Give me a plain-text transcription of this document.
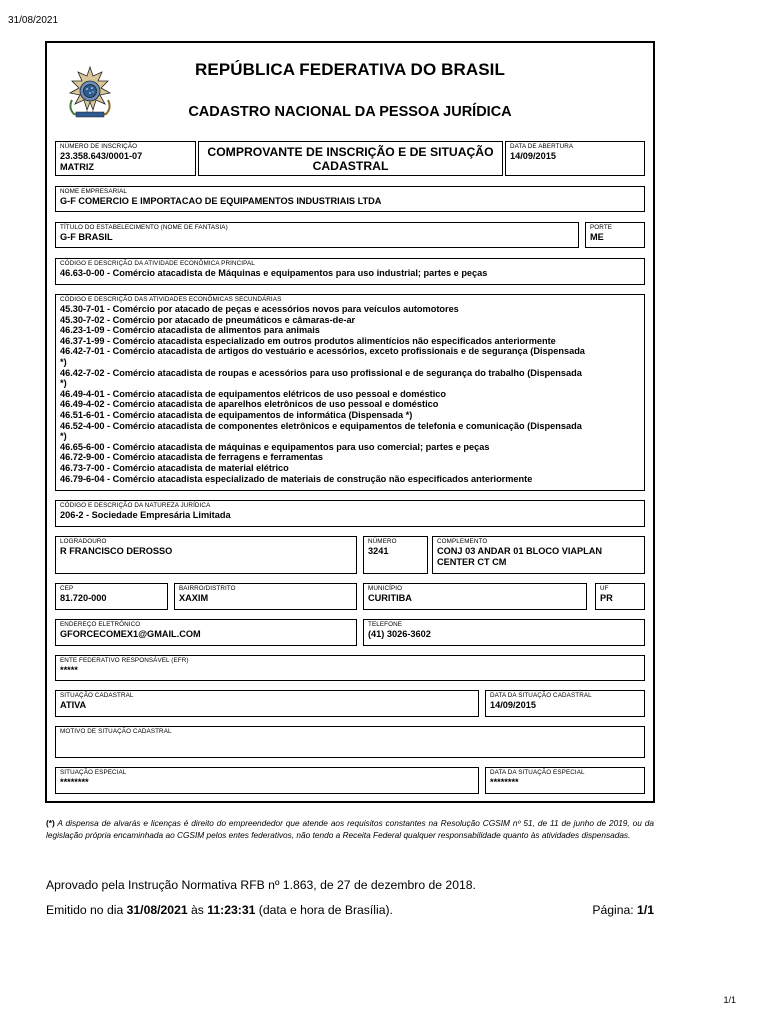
31/08/2021
REPÚBLICA FEDERATIVA DO BRASIL
CADASTRO NACIONAL DA PESSOA JURÍDICA
NÚMERO DE INSCRIÇÃO
23.358.643/0001-07
MATRIZ
COMPROVANTE DE INSCRIÇÃO E DE SITUAÇÃO CADASTRAL
DATA DE ABERTURA
14/09/2015
NOME EMPRESARIAL
G-F COMERCIO E IMPORTACAO DE EQUIPAMENTOS INDUSTRIAIS LTDA
TÍTULO DO ESTABELECIMENTO (NOME DE FANTASIA)
G-F BRASIL
PORTE
ME
CÓDIGO E DESCRIÇÃO DA ATIVIDADE ECONÔMICA PRINCIPAL
46.63-0-00 - Comércio atacadista de Máquinas e equipamentos para uso industrial; partes e peças
CÓDIGO E DESCRIÇÃO DAS ATIVIDADES ECONÔMICAS SECUNDÁRIAS
45.30-7-01 - Comércio por atacado de peças e acessórios novos para veículos automotores
45.30-7-02 - Comércio por atacado de pneumáticos e câmaras-de-ar
46.23-1-09 - Comércio atacadista de alimentos para animais
46.37-1-99 - Comércio atacadista especializado em outros produtos alimentícios não especificados anteriormente
46.42-7-01 - Comércio atacadista de artigos do vestuário e acessórios, exceto profissionais e de segurança (Dispensada
*)
46.42-7-02 - Comércio atacadista de roupas e acessórios para uso profissional e de segurança do trabalho (Dispensada
*)
46.49-4-01 - Comércio atacadista de equipamentos elétricos de uso pessoal e doméstico
46.49-4-02 - Comércio atacadista de aparelhos eletrônicos de uso pessoal e doméstico
46.51-6-01 - Comércio atacadista de equipamentos de informática (Dispensada *)
46.52-4-00 - Comércio atacadista de componentes eletrônicos e equipamentos de telefonia e comunicação (Dispensada
*)
46.65-6-00 - Comércio atacadista de máquinas e equipamentos para uso comercial; partes e peças
46.72-9-00 - Comércio atacadista de ferragens e ferramentas
46.73-7-00 - Comércio atacadista de material elétrico
46.79-6-04 - Comércio atacadista especializado de materiais de construção não especificados anteriormente
CÓDIGO E DESCRIÇÃO DA NATUREZA JURÍDICA
206-2 - Sociedade Empresária Limitada
LOGRADOURO
R FRANCISCO DEROSSO
NÚMERO
3241
COMPLEMENTO
CONJ 03 ANDAR 01 BLOCO VIAPLAN CENTER CT CM
CEP
81.720-000
BAIRRO/DISTRITO
XAXIM
MUNICÍPIO
CURITIBA
UF
PR
ENDEREÇO ELETRÔNICO
GFORCECOMEX1@GMAIL.COM
TELEFONE
(41) 3026-3602
ENTE FEDERATIVO RESPONSÁVEL (EFR)
*****
SITUAÇÃO CADASTRAL
ATIVA
DATA DA SITUAÇÃO CADASTRAL
14/09/2015
MOTIVO DE SITUAÇÃO CADASTRAL
SITUAÇÃO ESPECIAL
********
DATA DA SITUAÇÃO ESPECIAL
********
(*) A dispensa de alvarás e licenças é direito do empreendedor que atende aos requisitos constantes na Resolução CGSIM nº 51, de 11 de junho de 2019, ou da legislação própria encaminhada ao CGSIM pelos entes federativos, não tendo a Receita Federal qualquer responsabilidade quanto às atividades dispensadas.
Aprovado pela Instrução Normativa RFB nº 1.863, de 27 de dezembro de 2018.
Emitido no dia 31/08/2021 às 11:23:31 (data e hora de Brasília).	Página: 1/1
1/1
